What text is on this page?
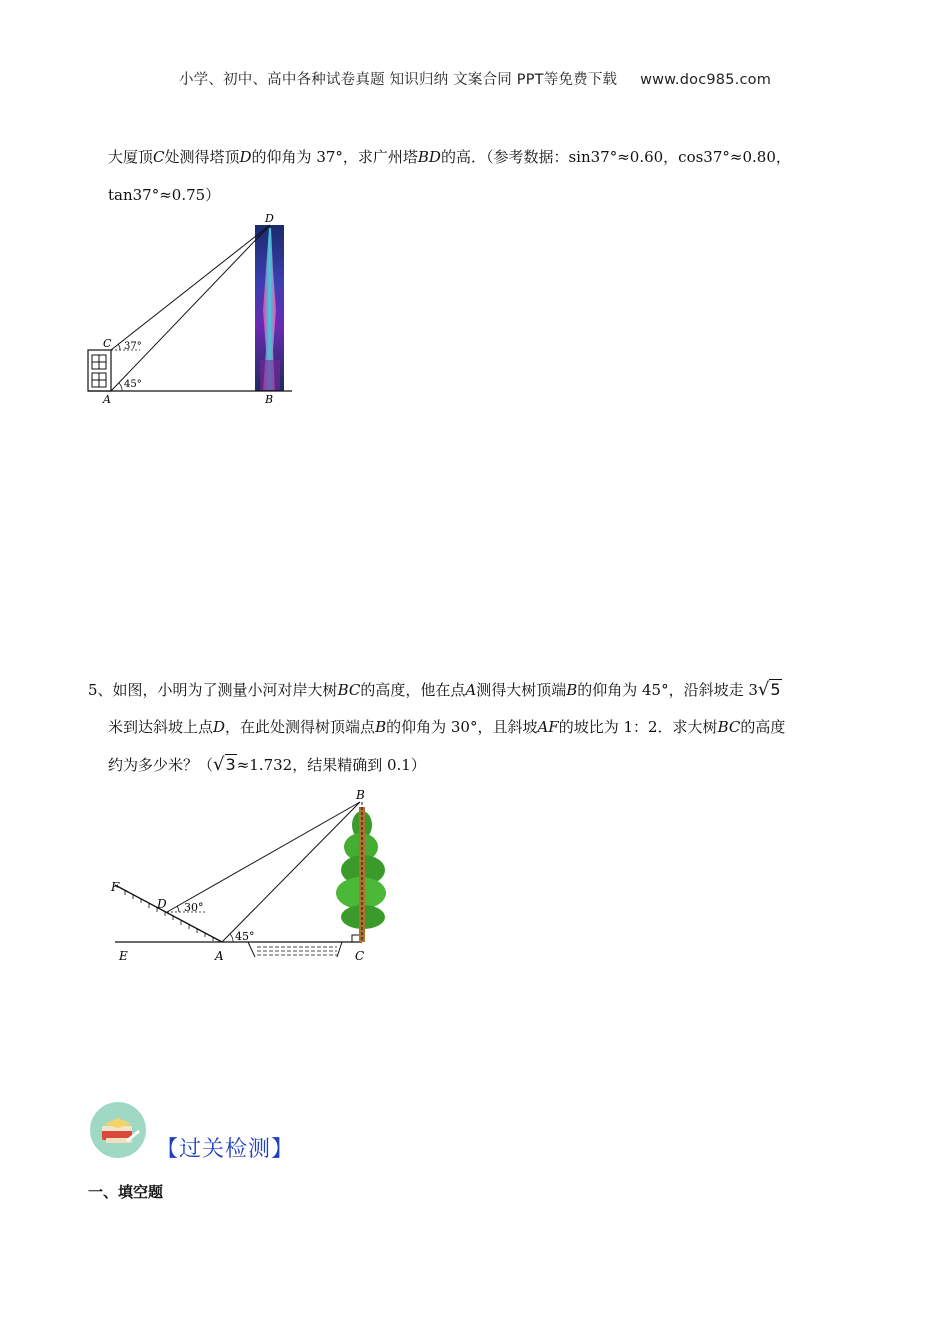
小学、初中、高中各种试卷真题 知识归纳 文案合同 PPT等免费下载 www.doc985.com
大厦顶C处测得塔顶D的仰角为 37°，求广州塔BD的高．（参考数据：sin37°≈0.60，cos37°≈0.80，
tan37°≈0.75）
D
C 37°
45°
A	B
5、如图，小明为了测量小河对岸大树BC的高度，他在点A测得大树顶端B的仰角为 45°，沿斜坡走 3√5
米到达斜坡上点D，在此处测得树顶端点B的仰角为 30°，且斜坡AF的坡比为 1：2．求大树BC的高度
约为多少米？（√3≈1.732，结果精确到 0.1）
B
F
D 30°
45°
E	A	C
【过关检测】
一、填空题
